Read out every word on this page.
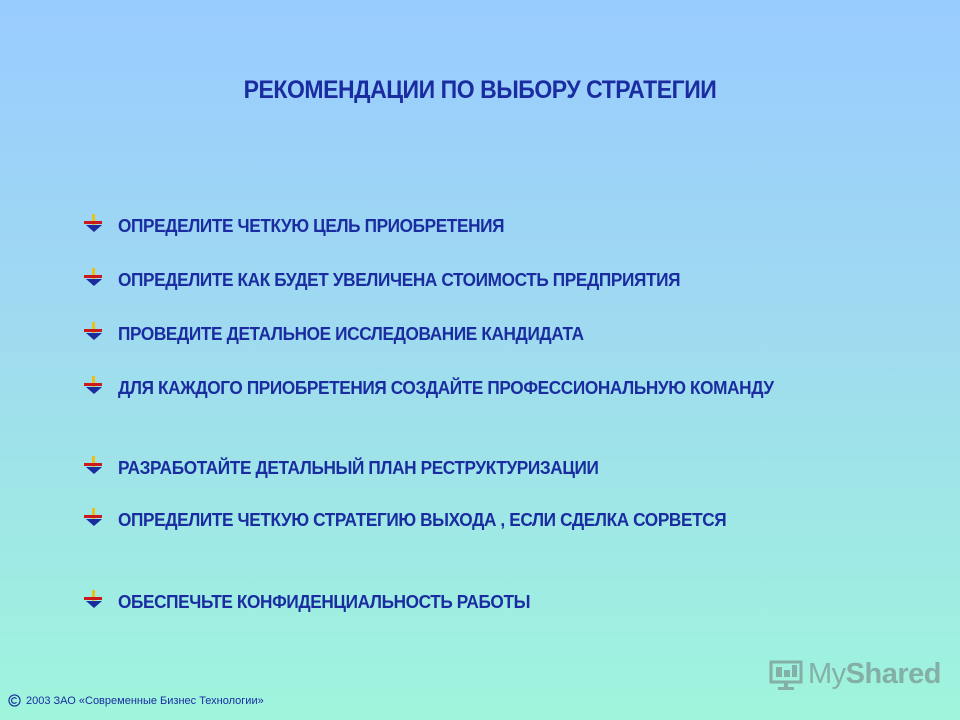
РЕКОМЕНДАЦИИ ПО ВЫБОРУ СТРАТЕГИИ
ОПРЕДЕЛИТЕ ЧЕТКУЮ ЦЕЛЬ ПРИОБРЕТЕНИЯ
ОПРЕДЕЛИТЕ КАК БУДЕТ УВЕЛИЧЕНА СТОИМОСТЬ ПРЕДПРИЯТИЯ
ПРОВЕДИТЕ ДЕТАЛЬНОЕ ИССЛЕДОВАНИЕ КАНДИДАТА
ДЛЯ КАЖДОГО ПРИОБРЕТЕНИЯ СОЗДАЙТЕ ПРОФЕССИОНАЛЬНУЮ КОМАНДУ
РАЗРАБОТАЙТЕ ДЕТАЛЬНЫЙ ПЛАН РЕСТРУКТУРИЗАЦИИ
ОПРЕДЕЛИТЕ ЧЕТКУЮ СТРАТЕГИЮ ВЫХОДА , ЕСЛИ СДЕЛКА СОРВЕТСЯ
ОБЕСПЕЧЬТЕ КОНФИДЕНЦИАЛЬНОСТЬ РАБОТЫ
2003 ЗАО «Современные Бизнес Технологии»
MyShared
